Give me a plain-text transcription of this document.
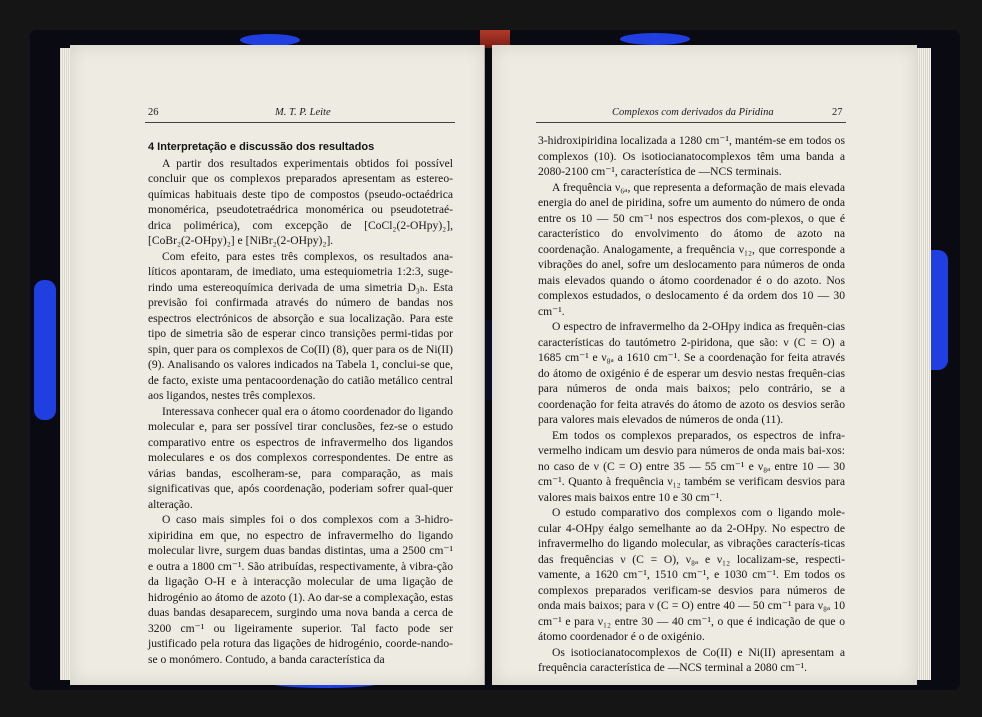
26	M. T. P. Leite

4 Interpretação e discussão dos resultados

A partir dos resultados experimentais obtidos foi possível concluir que os complexos preparados apresentam as estereo-químicas habituais deste tipo de compostos (pseudo-octaédrica monomérica, pseudotetraédrica monomérica ou pseudotetraé-drica polimérica), com excepção de [CoCl₂(2-OHpy)₂], [CoBr₂(2-OHpy)₂] e [NiBr₂(2-OHpy)₂].

Com efeito, para estes três complexos, os resultados ana-líticos apontaram, de imediato, uma estequiometria 1:2:3, suge-rindo uma estereoquímica derivada de uma simetria D₃ₕ. Esta previsão foi confirmada através do número de bandas nos espectros electrónicos de absorção e sua localização. Para este tipo de simetria são de esperar cinco transições permi-tidas por spin, quer para os complexos de Co(II) (8), quer para os de Ni(II) (9). Analisando os valores indicados na Tabela 1, conclui-se que, de facto, existe uma pentacoordenação do catião metálico central aos ligandos, nestes três complexos.

Interessava conhecer qual era o átomo coordenador do ligando molecular e, para ser possível tirar conclusões, fez-se o estudo comparativo entre os espectros de infravermelho dos ligandos moleculares e os dos complexos correspondentes. De entre as várias bandas, escolheram-se, para comparação, as mais significativas que, após coordenação, poderiam sofrer qual-quer alteração.

O caso mais simples foi o dos complexos com a 3-hidro-xipiridina em que, no espectro de infravermelho do ligando molecular livre, surgem duas bandas distintas, uma a 2500 cm⁻¹ e outra a 1800 cm⁻¹. São atribuídas, respectivamente, à vibra-ção da ligação O-H e à interacção molecular de uma ligação de hidrogénio ao átomo de azoto (1). Ao dar-se a complexação, estas duas bandas desaparecem, surgindo uma nova banda a cerca de 3200 cm⁻¹ ou ligeiramente superior. Tal facto pode ser justificado pela rotura das ligações de hidrogénio, coorde-nando-se o monómero. Contudo, a banda característica da

Complexos com derivados da Piridina	27

3-hidroxipiridina localizada a 1280 cm⁻¹, mantém-se em todos os complexos (10). Os isotiocianatocomplexos têm uma banda a 2080-2100 cm⁻¹, característica de —NCS terminais.

A frequência ν₆ₐ, que representa a deformação de mais elevada energia do anel de piridina, sofre um aumento do número de onda entre os 10 — 50 cm⁻¹ nos espectros dos com-plexos, o que é característico do envolvimento do átomo de azoto na coordenação. Analogamente, a frequência ν₁₂, que corresponde a vibrações do anel, sofre um deslocamento para números de onda mais elevados quando o átomo coordenador é o do azoto. Nos complexos estudados, o deslocamento é da ordem dos 10 — 30 cm⁻¹.

O espectro de infravermelho da 2-OHpy indica as frequên-cias características do tautómetro 2-piridona, que são: ν (C = O) a 1685 cm⁻¹ e ν₈ₐ a 1610 cm⁻¹. Se a coordenação for feita através do átomo de oxigénio é de esperar um desvio nestas frequên-cias para números de onda mais baixos; pelo contrário, se a coordenação for feita através do átomo de azoto os desvios serão para valores mais elevados de números de onda (11).

Em todos os complexos preparados, os espectros de infra-vermelho indicam um desvio para números de onda mais bai-xos: no caso de ν (C = O) entre 35 — 55 cm⁻¹ e ν₈ₐ entre 10 — 30 cm⁻¹. Quanto à frequência ν₁₂ também se verificam desvios para valores mais baixos entre 10 e 30 cm⁻¹.

O estudo comparativo dos complexos com o ligando mole-cular 4-OHpy éalgo semelhante ao da 2-OHpy. No espectro de infravermelho do ligando molecular, as vibrações caracterís-ticas das frequências ν (C = O), ν₈ₐ e ν₁₂ localizam-se, respecti-vamente, a 1620 cm⁻¹, 1510 cm⁻¹, e 1030 cm⁻¹. Em todos os complexos preparados verificam-se desvios para números de onda mais baixos; para ν (C = O) entre 40 — 50 cm⁻¹ para ν₈ₐ 10 cm⁻¹ e para ν₁₂ entre 30 — 40 cm⁻¹, o que é indicação de que o átomo coordenador é o de oxigénio.

Os isotiocianatocomplexos de Co(II) e Ni(II) apresentam a frequência característica de —NCS terminal a 2080 cm⁻¹.
